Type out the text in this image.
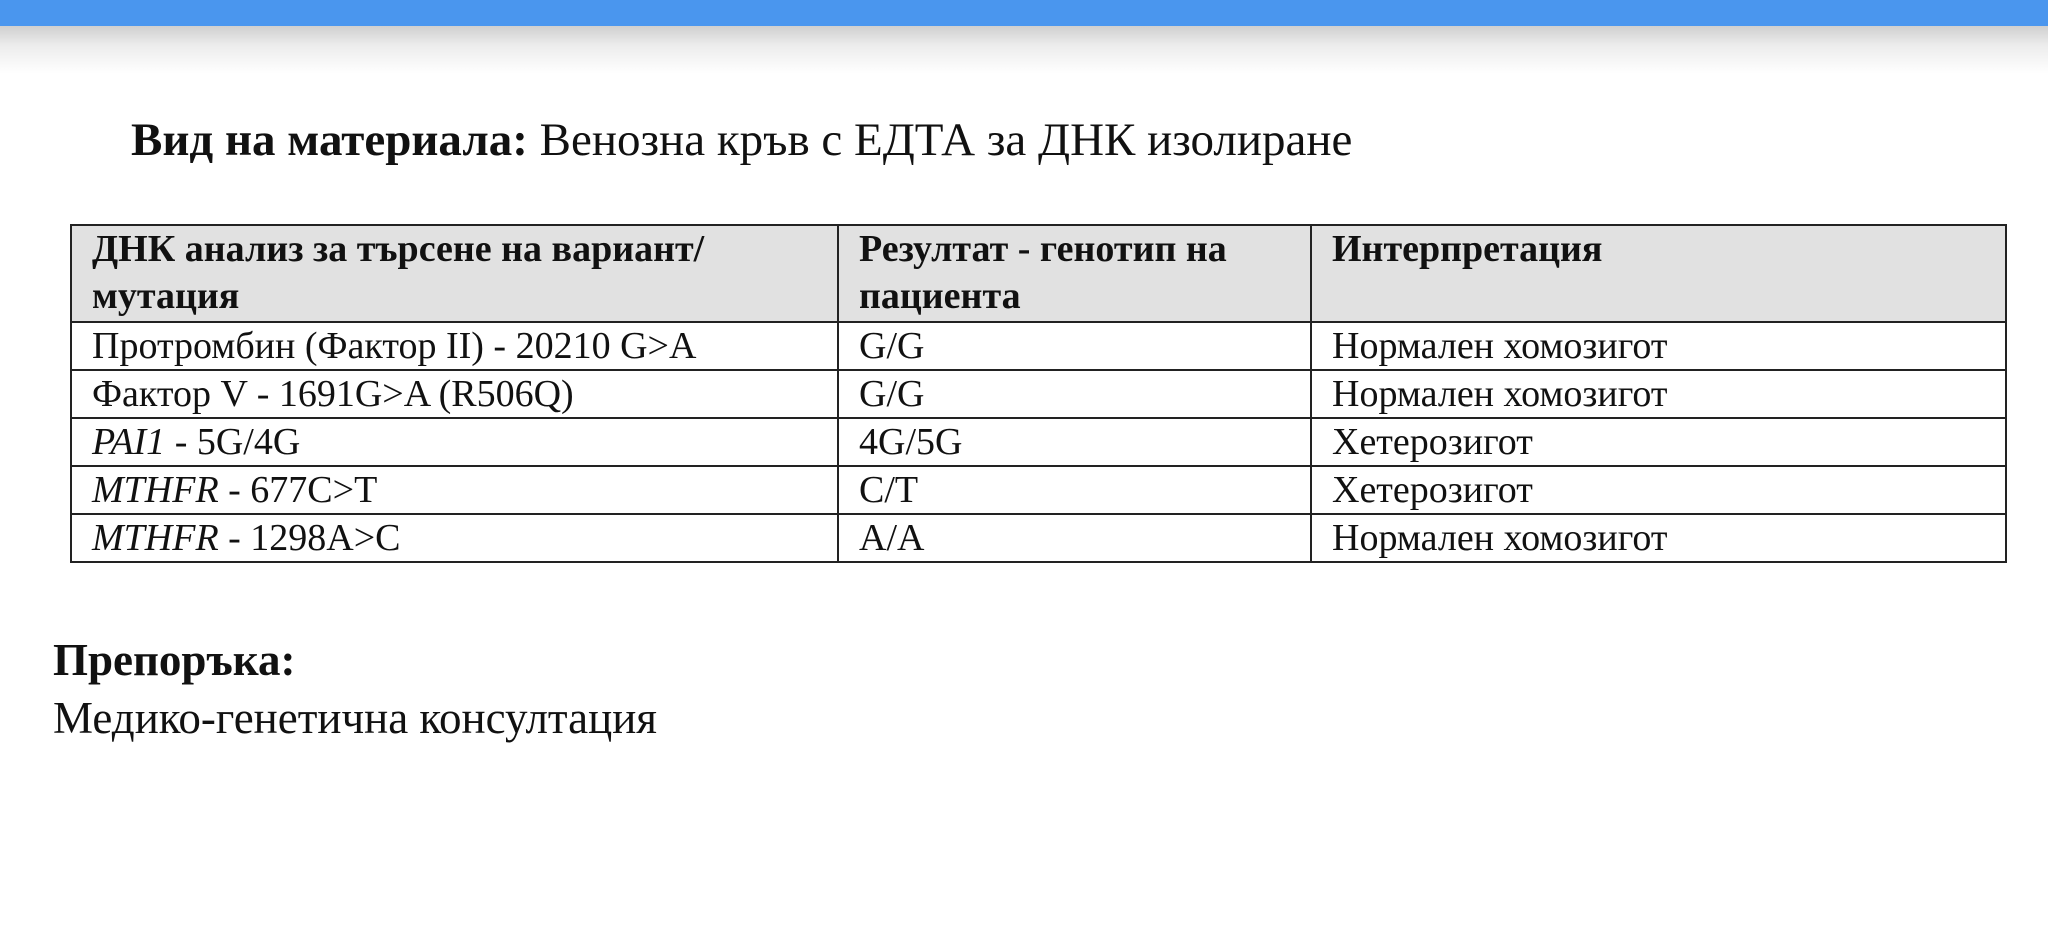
Вид на материала: Венозна кръв с ЕДТА за ДНК изолиране
ДНК анализ за търсене на вариант/мутация	Резултат - генотип на пациента	Интерпретация
Протромбин (Фактор II) - 20210 G>A	G/G	Нормален хомозигот
Фактор V - 1691G>A (R506Q)	G/G	Нормален хомозигот
PAI1 - 5G/4G	4G/5G	Хетерозигот
MTHFR - 677C>T	C/T	Хетерозигот
MTHFR - 1298A>C	A/A	Нормален хомозигот
Препоръка:
Медико-генетична консултация
